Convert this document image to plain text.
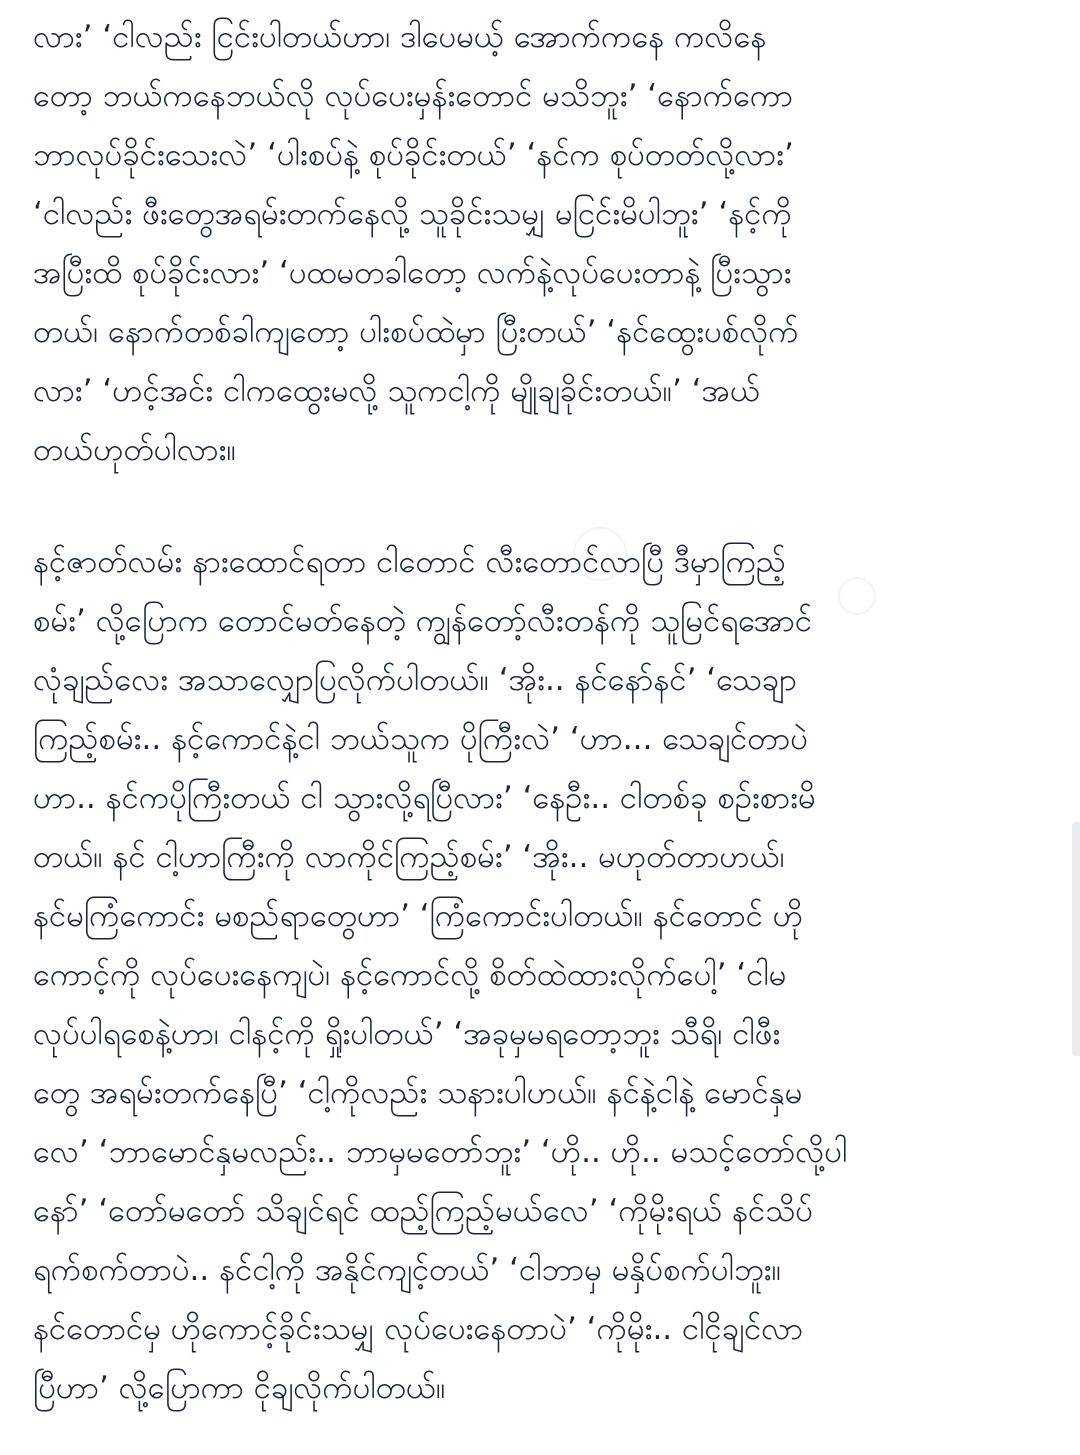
လား’ ‘ငါလည်း ငြင်းပါတယ်ဟာ၊ ဒါပေမယ့် အောက်ကနေ ကလိနေ
တော့ ဘယ်ကနေဘယ်လို လုပ်ပေးမှန်းတောင် မသိဘူး’ ‘နောက်ကော
ဘာလုပ်ခိုင်းသေးလဲ’ ‘ပါးစပ်နဲ့ စုပ်ခိုင်းတယ်’ ‘နင်က စုပ်တတ်လို့လား’
‘ငါလည်း ဖီးတွေအရမ်းတက်နေလို့ သူခိုင်းသမျှ မငြင်းမိပါဘူး’ ‘နင့်ကို
အပြီးထိ စုပ်ခိုင်းလား’ ‘ပထမတခါတော့ လက်နဲ့လုပ်ပေးတာနဲ့ ပြီးသွား
တယ်၊ နောက်တစ်ခါကျတော့ ပါးစပ်ထဲမှာ ပြီးတယ်’ ‘နင်ထွေးပစ်လိုက်
လား’ ‘ဟင့်အင်း ငါကထွေးမလို့ သူကငါ့ကို မျိုချခိုင်းတယ်။’ ‘အယ်
တယ်ဟုတ်ပါလား။
နင့်ဇာတ်လမ်း နားထောင်ရတာ ငါတောင် လီးတောင်လာပြီ ဒီမှာကြည့်
စမ်း’ လို့ပြောက တောင်မတ်နေတဲ့ ကျွန်တော့်လီးတန်ကို သူမြင်ရအောင်
လုံချည်လေး အသာလျှောပြလိုက်ပါတယ်။ ‘အိုး.. နင်နော်နင်’ ‘သေချာ
ကြည့်စမ်း.. နင့်ကောင်နဲ့ငါ ဘယ်သူက ပိုကြီးလဲ’ ‘ဟာ... သေချင်တာပဲ
ဟာ.. နင်ကပိုကြီးတယ် ငါ သွားလို့ရပြီလား’ ‘နေဦး.. ငါတစ်ခု စဉ်းစားမိ
တယ်။ နင် ငါ့ဟာကြီးကို လာကိုင်ကြည့်စမ်း’ ‘အိုး.. မဟုတ်တာဟယ်၊
နင်မကြံကောင်း မစည်ရာတွေဟာ’ ‘ကြံကောင်းပါတယ်။ နင်တောင် ဟို
ကောင့်ကို လုပ်ပေးနေကျပဲ၊ နင့်ကောင်လို့ စိတ်ထဲထားလိုက်ပေါ့’ ‘ငါမ
လုပ်ပါရစေနဲ့ဟာ၊ ငါနင့်ကို ရှိုးပါတယ်’ ‘အခုမှမရတော့ဘူး သီရိ၊ ငါဖီး
တွေ အရမ်းတက်နေပြီ’ ‘ငါ့ကိုလည်း သနားပါဟယ်။ နင်နဲ့ငါနဲ့ မောင်နှမ
လေ’ ‘ဘာမောင်နှမလည်း.. ဘာမှမတော်ဘူး’ ‘ဟို.. ဟို.. မသင့်တော်လို့ပါ
နော်’ ‘တော်မတော် သိချင်ရင် ထည့်ကြည့်မယ်လေ’ ‘ကိုမိုးရယ် နင်သိပ်
ရက်စက်တာပဲ.. နင်ငါ့ကို အနိုင်ကျင့်တယ်’ ‘ငါဘာမှ မနှိပ်စက်ပါဘူး။
နင်တောင်မှ ဟိုကောင့်ခိုင်းသမျှ လုပ်ပေးနေတာပဲ’ ‘ကိုမိုး.. ငါငိုချင်လာ
ပြီဟာ’ လို့ပြောကာ ငိုချလိုက်ပါတယ်။
